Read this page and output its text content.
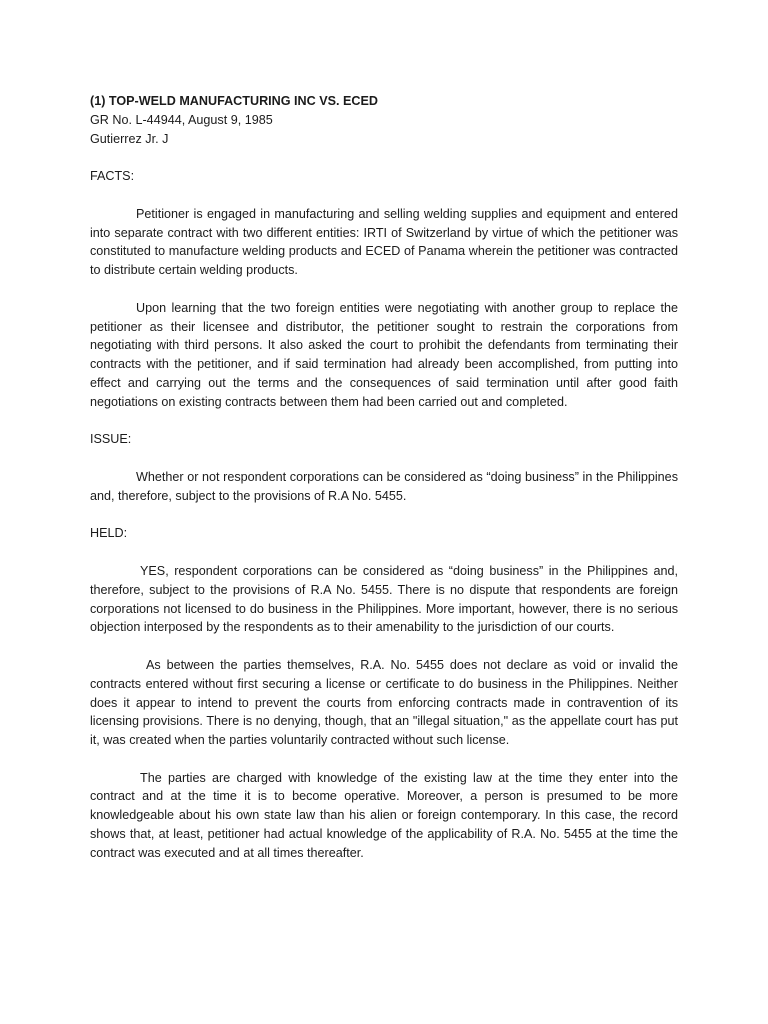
(1) TOP-WELD MANUFACTURING INC VS. ECED

GR No. L-44944, August 9, 1985

Gutierrez Jr. J

FACTS:

Petitioner is engaged in manufacturing and selling welding supplies and equipment and entered into separate contract with two different entities: IRTI of Switzerland by virtue of which the petitioner was constituted to manufacture welding products and ECED of Panama wherein the petitioner was contracted to distribute certain welding products.

Upon learning that the two foreign entities were negotiating with another group to replace the petitioner as their licensee and distributor, the petitioner sought to restrain the corporations from negotiating with third persons. It also asked the court to prohibit the defendants from terminating their contracts with the petitioner, and if said termination had already been accomplished, from putting into effect and carrying out the terms and the consequences of said termination until after good faith negotiations on existing contracts between them had been carried out and completed.

ISSUE:

Whether or not respondent corporations can be considered as “doing business” in the Philippines and, therefore, subject to the provisions of R.A No. 5455.

HELD:

YES, respondent corporations can be considered as “doing business” in the Philippines and, therefore, subject to the provisions of R.A No. 5455. There is no dispute that respondents are foreign corporations not licensed to do business in the Philippines. More important, however, there is no serious objection interposed by the respondents as to their amenability to the jurisdiction of our courts.

As between the parties themselves, R.A. No. 5455 does not declare as void or invalid the contracts entered without first securing a license or certificate to do business in the Philippines. Neither does it appear to intend to prevent the courts from enforcing contracts made in contravention of its licensing provisions. There is no denying, though, that an "illegal situation," as the appellate court has put it, was created when the parties voluntarily contracted without such license.

The parties are charged with knowledge of the existing law at the time they enter into the contract and at the time it is to become operative. Moreover, a person is presumed to be more knowledgeable about his own state law than his alien or foreign contemporary. In this case, the record shows that, at least, petitioner had actual knowledge of the applicability of R.A. No. 5455 at the time the contract was executed and at all times thereafter.
